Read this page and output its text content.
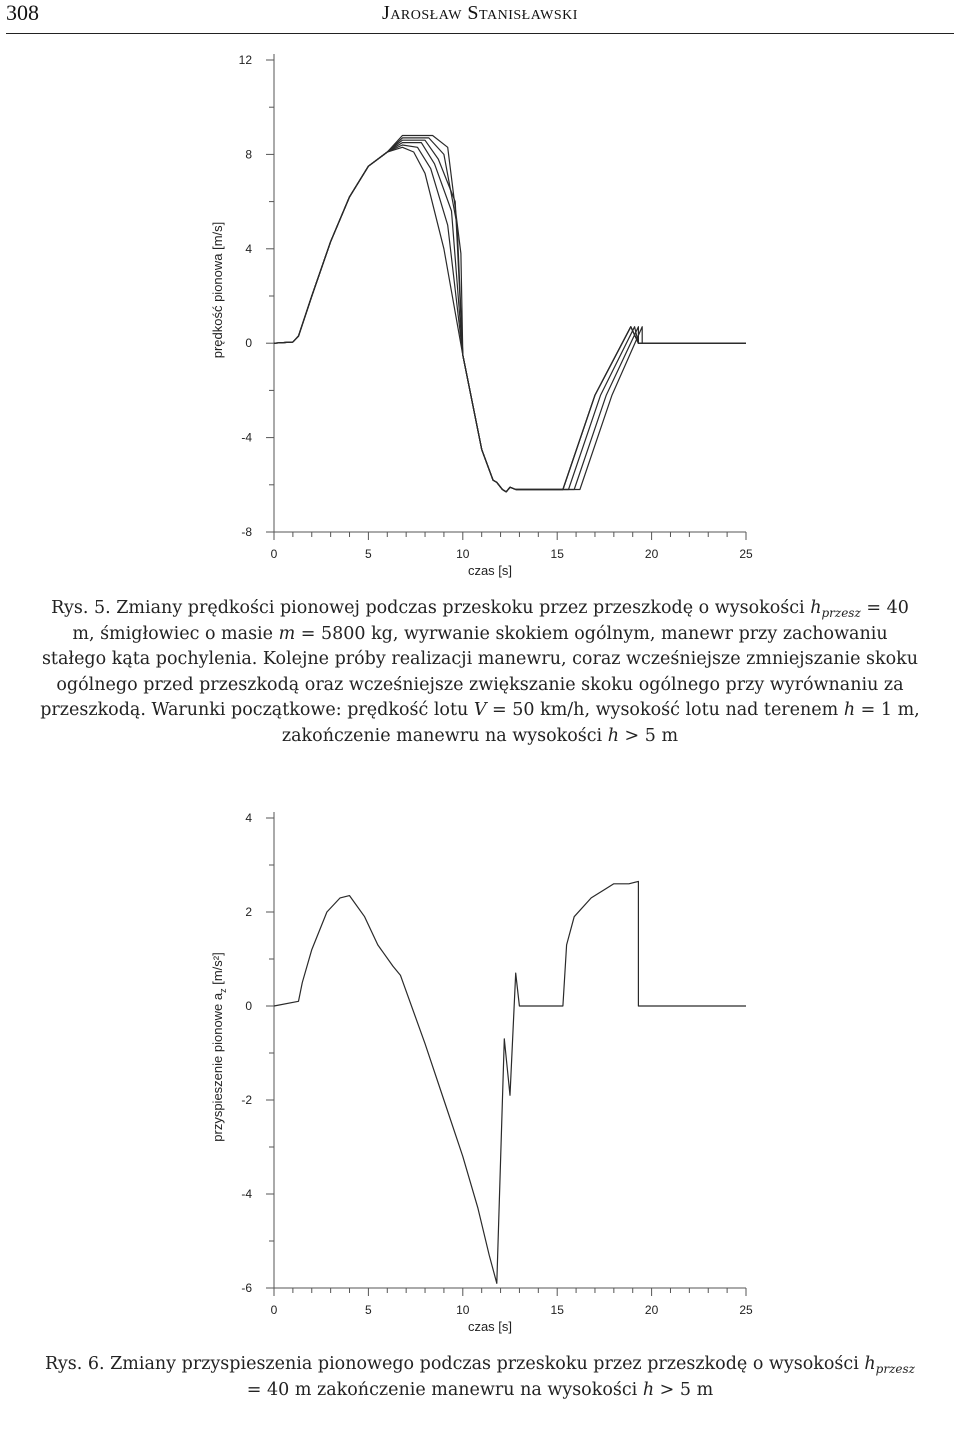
308	Jarosław Stanisławski
-8
-4
0
4
8
12
0	5	10	15	20	25
czas [s]
prędkość pionowa [m/s]
Rys. 5. Zmiany prędkości pionowej podczas przeskoku przez przeszkodę o wysokości $h_{przesz} = 40$ m, śmigłowiec o masie m = 5800 kg, wyrwanie skokiem ogólnym, manewr przy zachowaniu stałego kąta pochylenia. Kolejne próby realizacji manewru, coraz wcześniejsze zmniejszanie skoku ogólnego przed przeszkodą oraz wcześniejsze zwiększanie skoku ogólnego przy wyrównaniu za przeszkodą. Warunki początkowe: prędkość lotu V = 50 km/h, wysokość lotu nad terenem h = 1 m, zakończenie manewru na wysokości h > 5 m
-6
-4
-2
0
2
4
0	5	10	15	20	25
czas [s]
przyspieszenie pionowe $a_z$ [m/s²]
Rys. 6. Zmiany przyspieszenia pionowego podczas przeskoku przez przeszkodę o wysokości $h_{przesz} = 40$ m zakończenie manewru na wysokości h > 5 m
